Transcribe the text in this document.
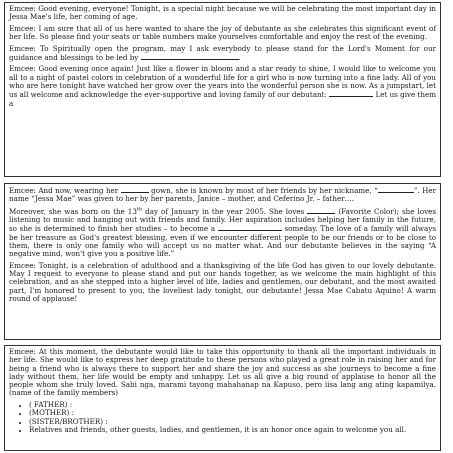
Emcee: Good evening, everyone! Tonight, is a special night because we will be celebrating the most important day in Jessa Mae's life, her coming of age.

Emcee: I am sure that all of us here wanted to share the joy of debutante as she celebrates this significant event of her life. So please find your seats or table numbers make yourselves comfortable and enjoy the rest of the evening.

Emcee: To Spiritually open the program, may I ask everybody to please stand for the Lord's Moment for our guidance and blessings to be led by	.

Emcee: Good evening once again! Just like a flower in bloom and a star ready to shine, I would like to welcome you all to a night of pastel colors in celebration of a wonderful life for a girl who is now turning into a fine lady. All of you who are here tonight have watched her grow over the years into the wonderful person she is now. As a jumpstart, let us all welcome and acknowledge the ever-supportive and loving family of our debutant:	Let us give them a

Emcee: And now, wearing her	gown, she is known by most of her friends by her nickname, “	”. Her name “Jessa Mae” was given to her by her parents, Janice – mother, and Ceferino Jr. – father….

Moreover, she was born on the 13th day of January in the year 2005. She loves	(Favorite Color); she loves listening to music and hanging out with friends and family. Her aspiration includes helping her family in the future, so she is determined to finish her studies – to become a	someday. The love of a family will always be her treasure as God's greatest blessing, even if we encounter different people to be our friends or to be close to them, there is only one family who will accept us no matter what. And our debutante believes in the saying “A negative mind, won't give you a positive life.”

Emcee: Tonight, is a celebration of adulthood and a thanksgiving of the life God has given to our lovely debutante. May I request to everyone to please stand and put our hands together, as we welcome the main highlight of this celebration, and as she stepped into a higher level of life, ladies and gentlemen, our debutant, and the most awaited part, I'm honored to present to you, the loveliest lady tonight, our debutante! Jessa Mae Cabatu Aquino! A warm round of applause!

Emcee: At this moment, the debutante would like to take this opportunity to thank all the important individuals in her life. She would like to express her deep gratitude to these persons who played a great role in raising her and for being a friend who is always there to support her and share the joy and success as she journeys to become a fine lady without them, her life would be empty and unhappy. Let us all give a big round of applause to honor all the people whom she truly loved. Sabi nga, marami tayong mahahanap na Kapuso, pero iisa lang ang ating kapamilya. (name of the family members)

• ( FATHER) :
• (MOTHER) :
• (SISTER/BROTHER) :
• Relatives and friends, other guests, ladies, and gentlemen, it is an honor once again to welcome you all.
